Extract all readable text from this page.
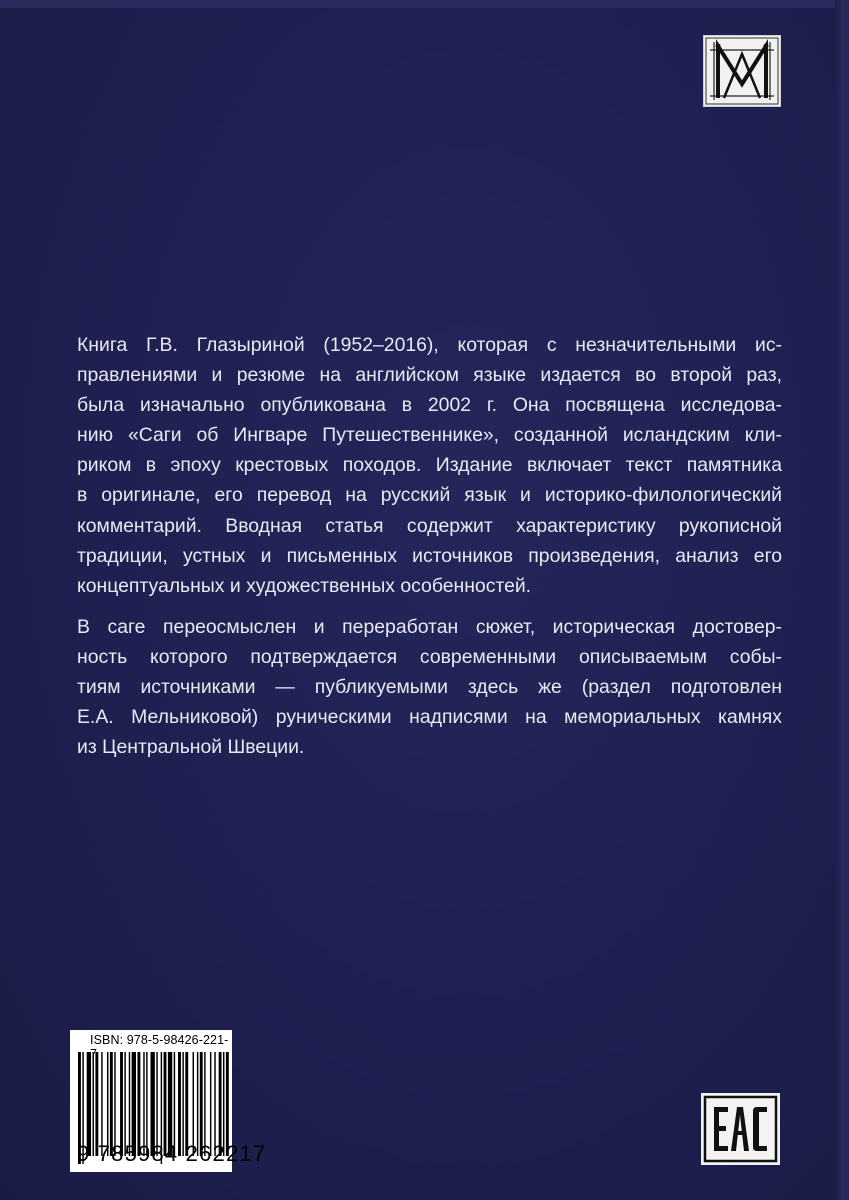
Книга Г.В. Глазыриной (1952–2016), которая с незначительными ис-
правлениями и резюме на английском языке издается во второй раз,
была изначально опубликована в 2002 г. Она посвящена исследова-
нию «Саги об Ингваре Путешественнике», созданной исландским кли-
риком в эпоху крестовых походов. Издание включает текст памятника
в оригинале, его перевод на русский язык и историко-филологический
комментарий. Вводная статья содержит характеристику рукописной
традиции, устных и письменных источников произведения, анализ его
концептуальных и художественных особенностей.

В саге переосмыслен и переработан сюжет, историческая достовер-
ность которого подтверждается современными описываемым собы-
тиям источниками — публикуемыми здесь же (раздел подготовлен
Е.А. Мельниковой) руническими надписями на мемориальных камнях
из Центральной Швеции.

ISBN: 978-5-98426-221-7
9 785984 262217
